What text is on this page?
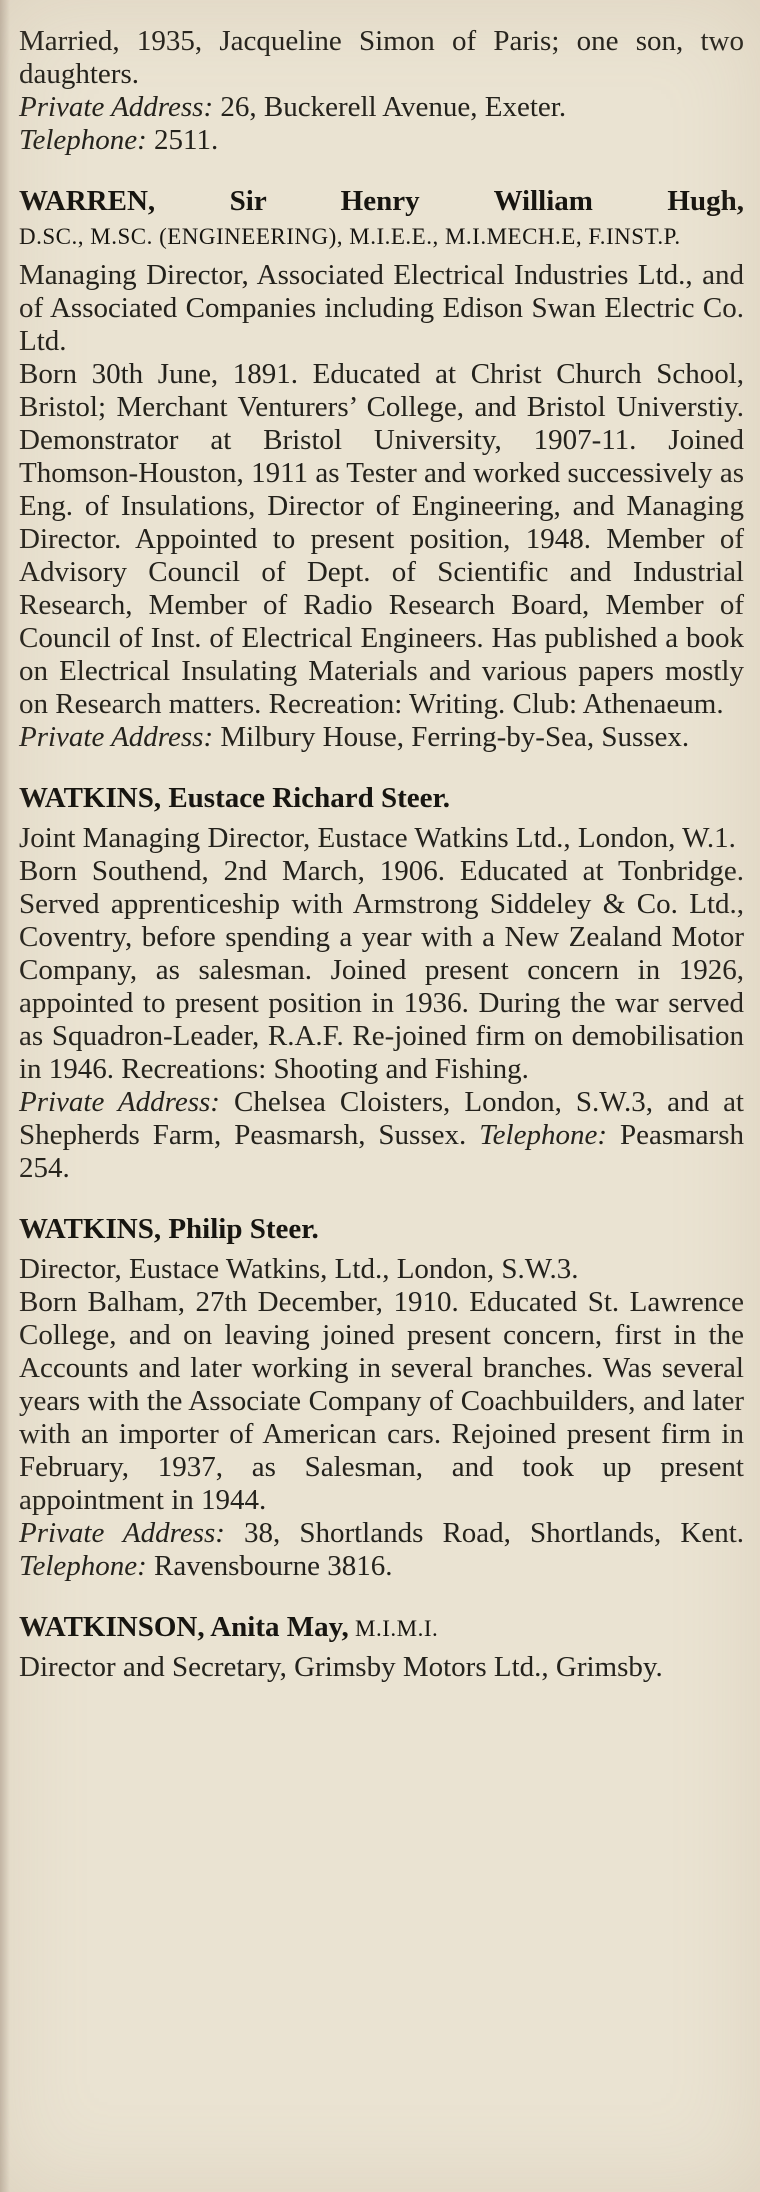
Married, 1935, Jacqueline Simon of Paris; one son, two daughters.

Private Address: 26, Buckerell Avenue, Exeter.

Telephone: 2511.

WARREN, Sir Henry William Hugh,
D.SC., M.SC. (ENGINEERING), M.I.E.E., M.I.MECH.E, F.INST.P.

Managing Director, Associated Electrical Industries Ltd., and of Associated Companies including Edison Swan Electric Co. Ltd.

Born 30th June, 1891. Educated at Christ Church School, Bristol; Merchant Venturers’ College, and Bristol Universtiy. Demonstrator at Bristol University, 1907-11. Joined Thomson-Houston, 1911 as Tester and worked successively as Eng. of Insulations, Director of Engineering, and Managing Director. Appointed to present position, 1948. Member of Advisory Council of Dept. of Scientific and Industrial Research, Member of Radio Research Board, Member of Council of Inst. of Electrical Engineers. Has published a book on Electrical Insulating Materials and various papers mostly on Research matters. Recreation: Writing. Club: Athenaeum.

Private Address: Milbury House, Ferring-by-Sea, Sussex.

WATKINS, Eustace Richard Steer.

Joint Managing Director, Eustace Watkins Ltd., London, W.1.

Born Southend, 2nd March, 1906. Educated at Tonbridge. Served apprenticeship with Armstrong Siddeley & Co. Ltd., Coventry, before spending a year with a New Zealand Motor Company, as salesman. Joined present concern in 1926, appointed to present position in 1936. During the war served as Squadron-Leader, R.A.F. Re-joined firm on demobilisation in 1946. Recreations: Shooting and Fishing.

Private Address: Chelsea Cloisters, London, S.W.3, and at Shepherds Farm, Peasmarsh, Sussex. Telephone: Peasmarsh 254.

WATKINS, Philip Steer.

Director, Eustace Watkins, Ltd., London, S.W.3.

Born Balham, 27th December, 1910. Educated St. Lawrence College, and on leaving joined present concern, first in the Accounts and later working in several branches. Was several years with the Associate Company of Coachbuilders, and later with an importer of American cars. Rejoined present firm in February, 1937, as Salesman, and took up present appointment in 1944.

Private Address: 38, Shortlands Road, Shortlands, Kent. Telephone: Ravensbourne 3816.

WATKINSON, Anita May, M.I.M.I.

Director and Secretary, Grimsby Motors Ltd., Grimsby.
